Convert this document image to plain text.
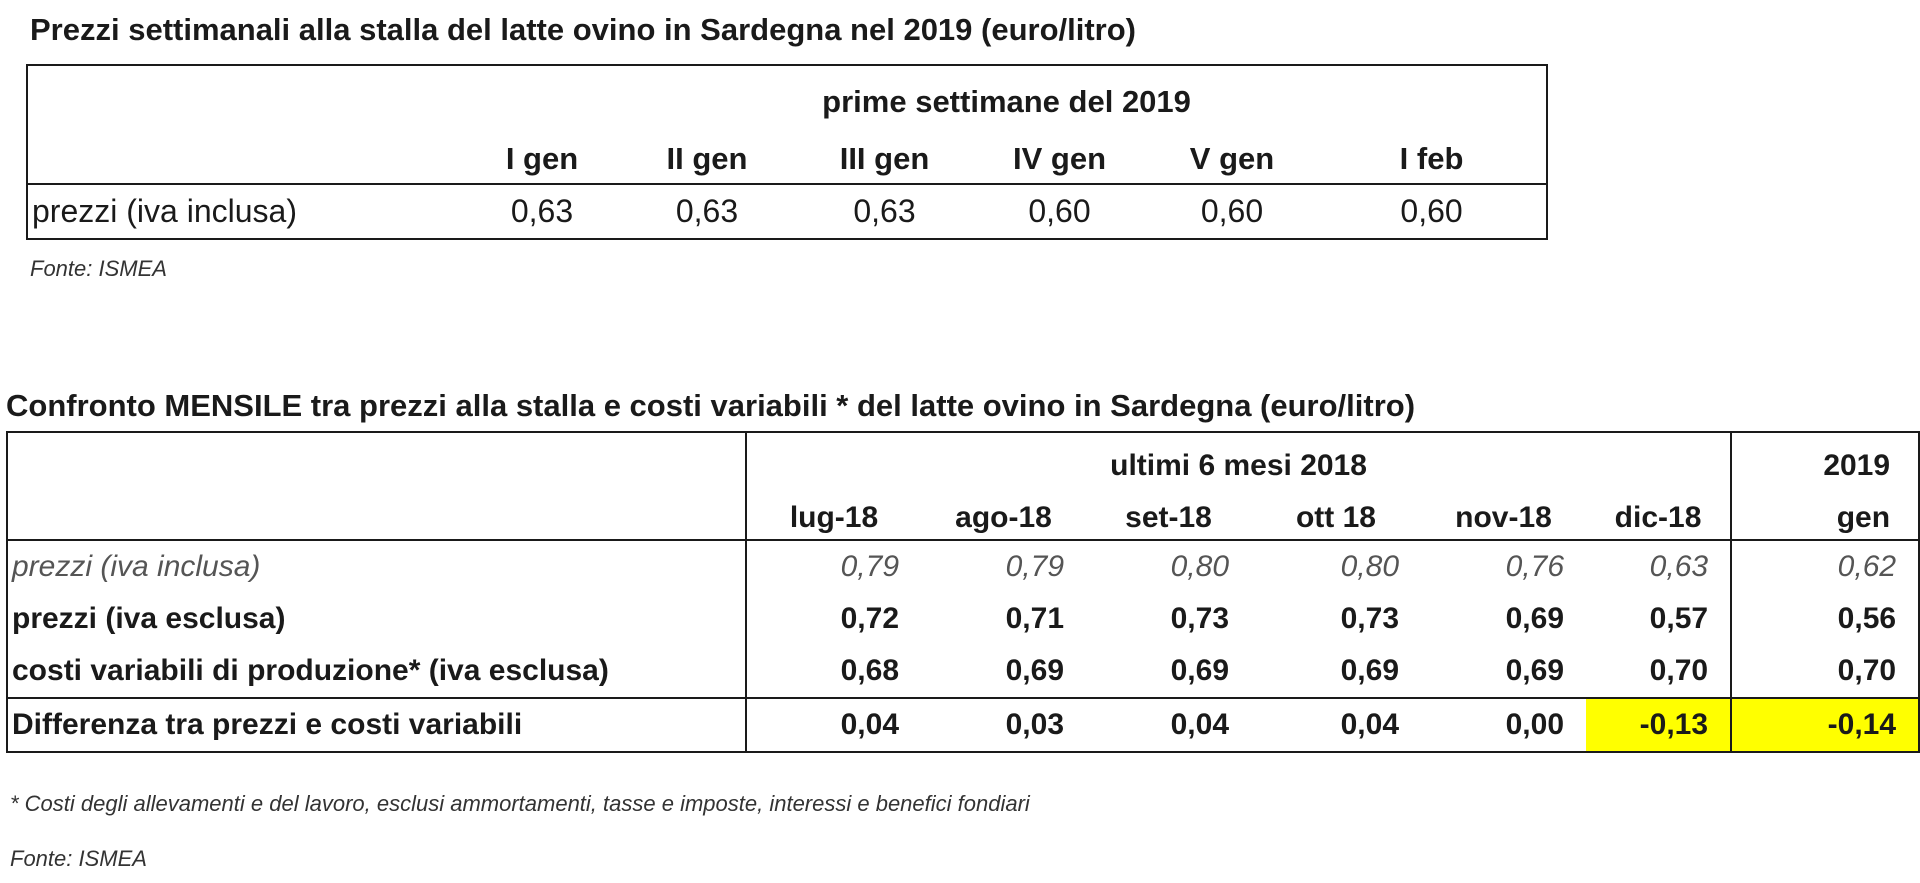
Prezzi settimanali alla stalla del latte ovino in Sardegna nel 2019 (euro/litro)
	prime settimane del 2019					
	I gen	II gen	III gen	IV gen	V gen	I feb
prezzi (iva inclusa)	0,63	0,63	0,63	0,60	0,60	0,60
Fonte: ISMEA
Confronto MENSILE tra prezzi alla stalla e costi variabili * del latte ovino in Sardegna (euro/litro)
	ultimi 6 mesi 2018						2019
	lug-18	ago-18	set-18	ott 18	nov-18	dic-18	gen
prezzi (iva inclusa)	0,79	0,79	0,80	0,80	0,76	0,63	0,62
prezzi (iva esclusa)	0,72	0,71	0,73	0,73	0,69	0,57	0,56
costi variabili di produzione* (iva esclusa)	0,68	0,69	0,69	0,69	0,69	0,70	0,70
Differenza tra prezzi e costi variabili	0,04	0,03	0,04	0,04	0,00	-0,13	-0,14
* Costi degli allevamenti e del lavoro, esclusi ammortamenti, tasse e imposte, interessi e benefici fondiari
Fonte: ISMEA
